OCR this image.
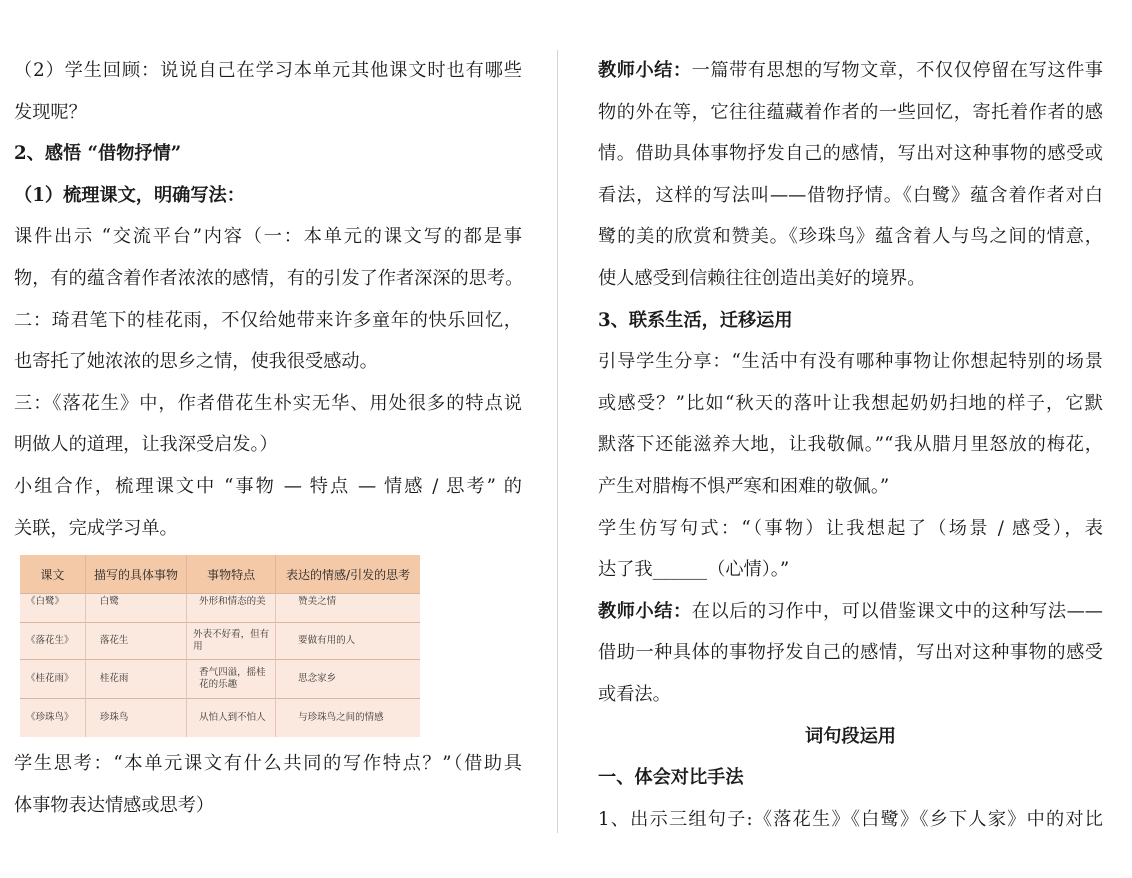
（2）学生回顾：说说自己在学习本单元其他课文时也有哪些
发现呢？
2、感悟 “借物抒情”
（1）梳理课文，明确写法：
课件出示 “交流平台”内容（一：本单元的课文写的都是事
物，有的蕴含着作者浓浓的感情，有的引发了作者深深的思考。
二：琦君笔下的桂花雨，不仅给她带来许多童年的快乐回忆，
也寄托了她浓浓的思乡之情，使我很受感动。
三：《落花生》中，作者借花生朴实无华、用处很多的特点说
明做人的道理，让我深受启发。）
小组合作，梳理课文中 “事物 — 特点 — 情感 / 思考” 的
关联，完成学习单。
课文	描写的具体事物	事物特点	表达的情感/引发的思考
《白鹭》	白鹭	外形和情态的美	赞美之情
《落花生》	落花生	外表不好看，但有用	要做有用的人
《桂花雨》	桂花雨	香气四溢，摇桂花的乐趣	思念家乡
《珍珠鸟》	珍珠鸟	从怕人到不怕人	与珍珠鸟之间的情感
学生思考：“本单元课文有什么共同的写作特点？”（借助具
体事物表达情感或思考）
教师小结：一篇带有思想的写物文章，不仅仅停留在写这件事
物的外在等，它往往蕴藏着作者的一些回忆，寄托着作者的感
情。借助具体事物抒发自己的感情，写出对这种事物的感受或
看法，这样的写法叫——借物抒情。《白鹭》蕴含着作者对白
鹭的美的欣赏和赞美。《珍珠鸟》蕴含着人与鸟之间的情意，
使人感受到信赖往往创造出美好的境界。
3、联系生活，迁移运用
引导学生分享：“生活中有没有哪种事物让你想起特别的场景
或感受？”比如“秋天的落叶让我想起奶奶扫地的样子，它默
默落下还能滋养大地，让我敬佩。”“我从腊月里怒放的梅花，
产生对腊梅不惧严寒和困难的敬佩。”
学生仿写句式：“（事物）让我想起了（场景 / 感受），表
达了我______（心情）。”
教师小结：在以后的习作中，可以借鉴课文中的这种写法——
借助一种具体的事物抒发自己的感情，写出对这种事物的感受
或看法。
词句段运用
一、体会对比手法
1、出示三组句子:《落花生》《白鹭》《乡下人家》中的对比
